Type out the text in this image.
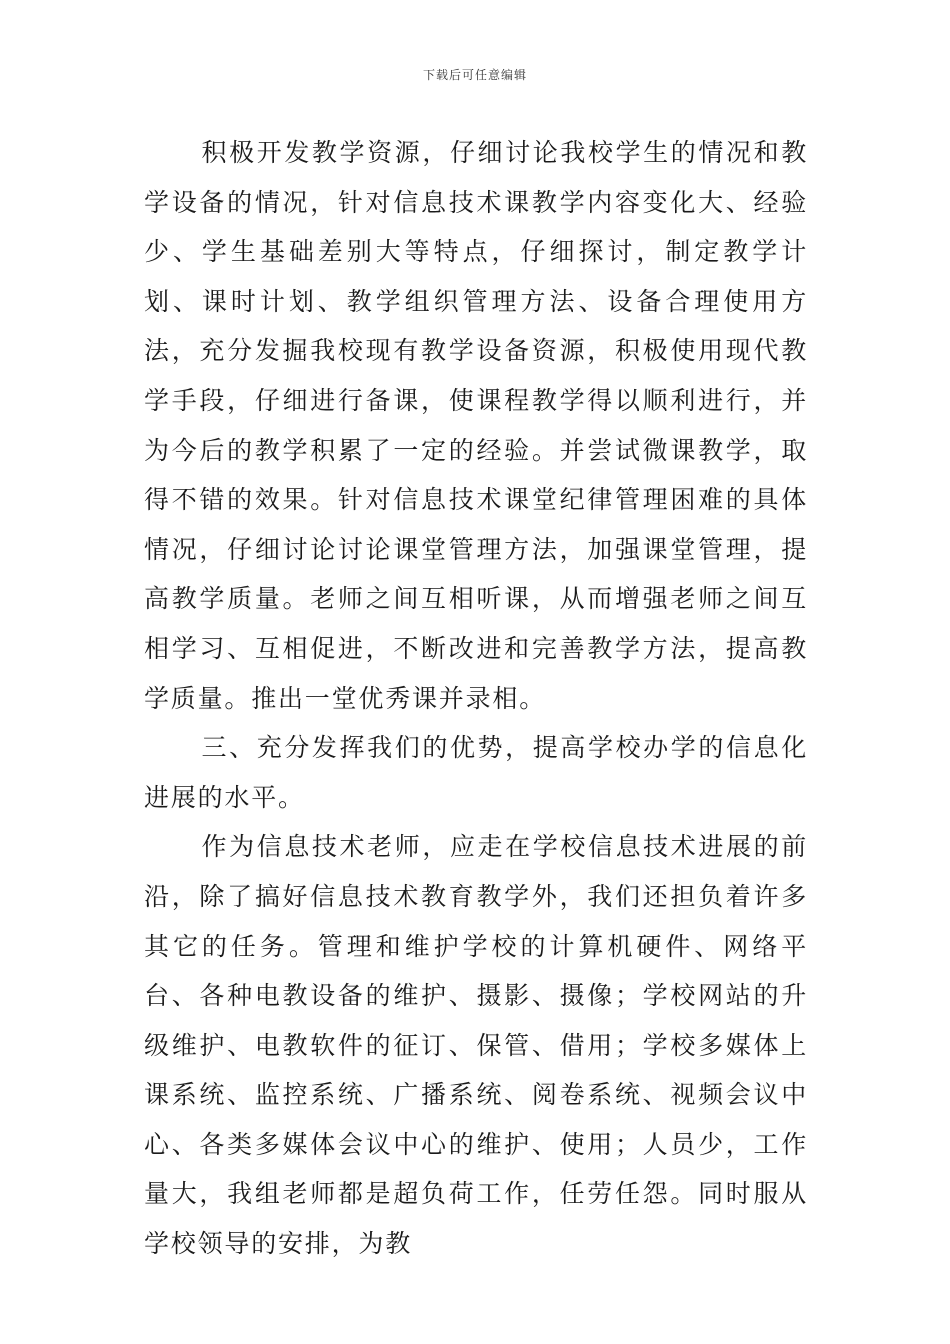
下载后可任意编辑

积极开发教学资源，仔细讨论我校学生的情况和教学设备的情况，针对信息技术课教学内容变化大、经验少、学生基础差别大等特点，仔细探讨，制定教学计划、课时计划、教学组织管理方法、设备合理使用方法，充分发掘我校现有教学设备资源，积极使用现代教学手段，仔细进行备课，使课程教学得以顺利进行，并为今后的教学积累了一定的经验。并尝试微课教学，取得不错的效果。针对信息技术课堂纪律管理困难的具体情况，仔细讨论讨论课堂管理方法，加强课堂管理，提高教学质量。老师之间互相听课，从而增强老师之间互相学习、互相促进，不断改进和完善教学方法，提高教学质量。推出一堂优秀课并录相。

三、充分发挥我们的优势，提高学校办学的信息化进展的水平。

作为信息技术老师，应走在学校信息技术进展的前沿，除了搞好信息技术教育教学外，我们还担负着许多其它的任务。管理和维护学校的计算机硬件、网络平台、各种电教设备的维护、摄影、摄像；学校网站的升级维护、电教软件的征订、保管、借用；学校多媒体上课系统、监控系统、广播系统、阅卷系统、视频会议中心、各类多媒体会议中心的维护、使用；人员少，工作量大，我组老师都是超负荷工作，任劳任怨。同时服从学校领导的安排，为教
